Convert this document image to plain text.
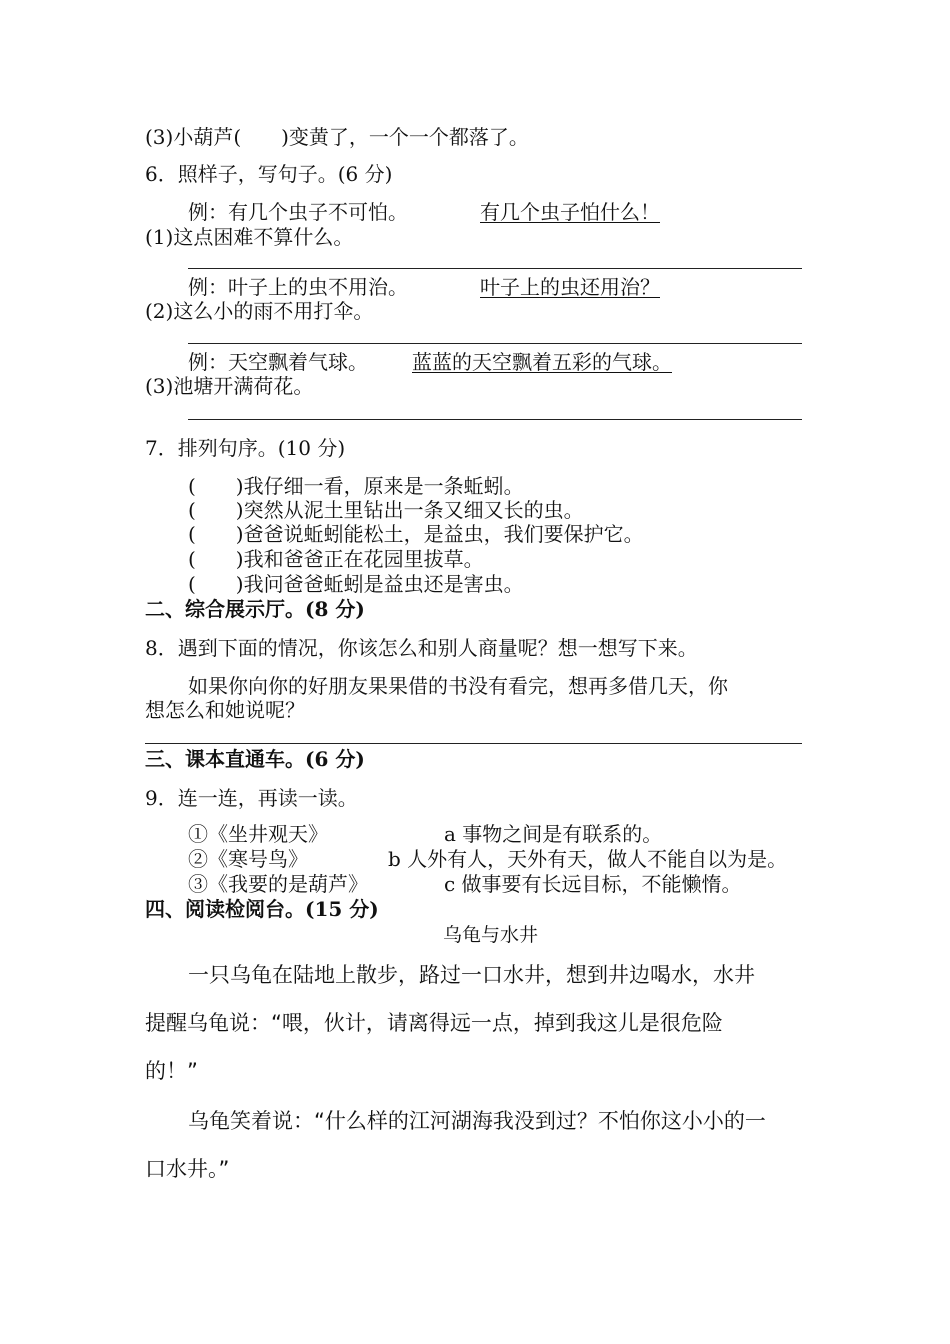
(3)小葫芦(　　)变黄了，一个一个都落了。
6．照样子，写句子。(6 分)
例：有几个虫子不可怕。	有几个虫子怕什么！
(1)这点困难不算什么。
例：叶子上的虫不用治。	叶子上的虫还用治？
(2)这么小的雨不用打伞。
例：天空飘着气球。 蓝蓝的天空飘着五彩的气球。
(3)池塘开满荷花。
7．排列句序。(10 分)
(　　)我仔细一看，原来是一条蚯蚓。
(　　)突然从泥土里钻出一条又细又长的虫。
(　　)爸爸说蚯蚓能松土，是益虫，我们要保护它。
(　　)我和爸爸正在花园里拔草。
(　　)我问爸爸蚯蚓是益虫还是害虫。
二、综合展示厅。(8 分)
8．遇到下面的情况，你该怎么和别人商量呢？想一想写下来。
如果你向你的好朋友果果借的书没有看完，想再多借几天，你
想怎么和她说呢？
三、课本直通车。(6 分)
9．连一连，再读一读。
①《坐井观天》	a 事物之间是有联系的。
②《寒号鸟》	b 人外有人，天外有天，做人不能自以为是。
③《我要的是葫芦》	c 做事要有长远目标，不能懒惰。
四、阅读检阅台。(15 分)
乌龟与水井
一只乌龟在陆地上散步，路过一口水井，想到井边喝水，水井
提醒乌龟说：“喂，伙计，请离得远一点，掉到我这儿是很危险
的！”
乌龟笑着说：“什么样的江河湖海我没到过？不怕你这小小的一
口水井。”
